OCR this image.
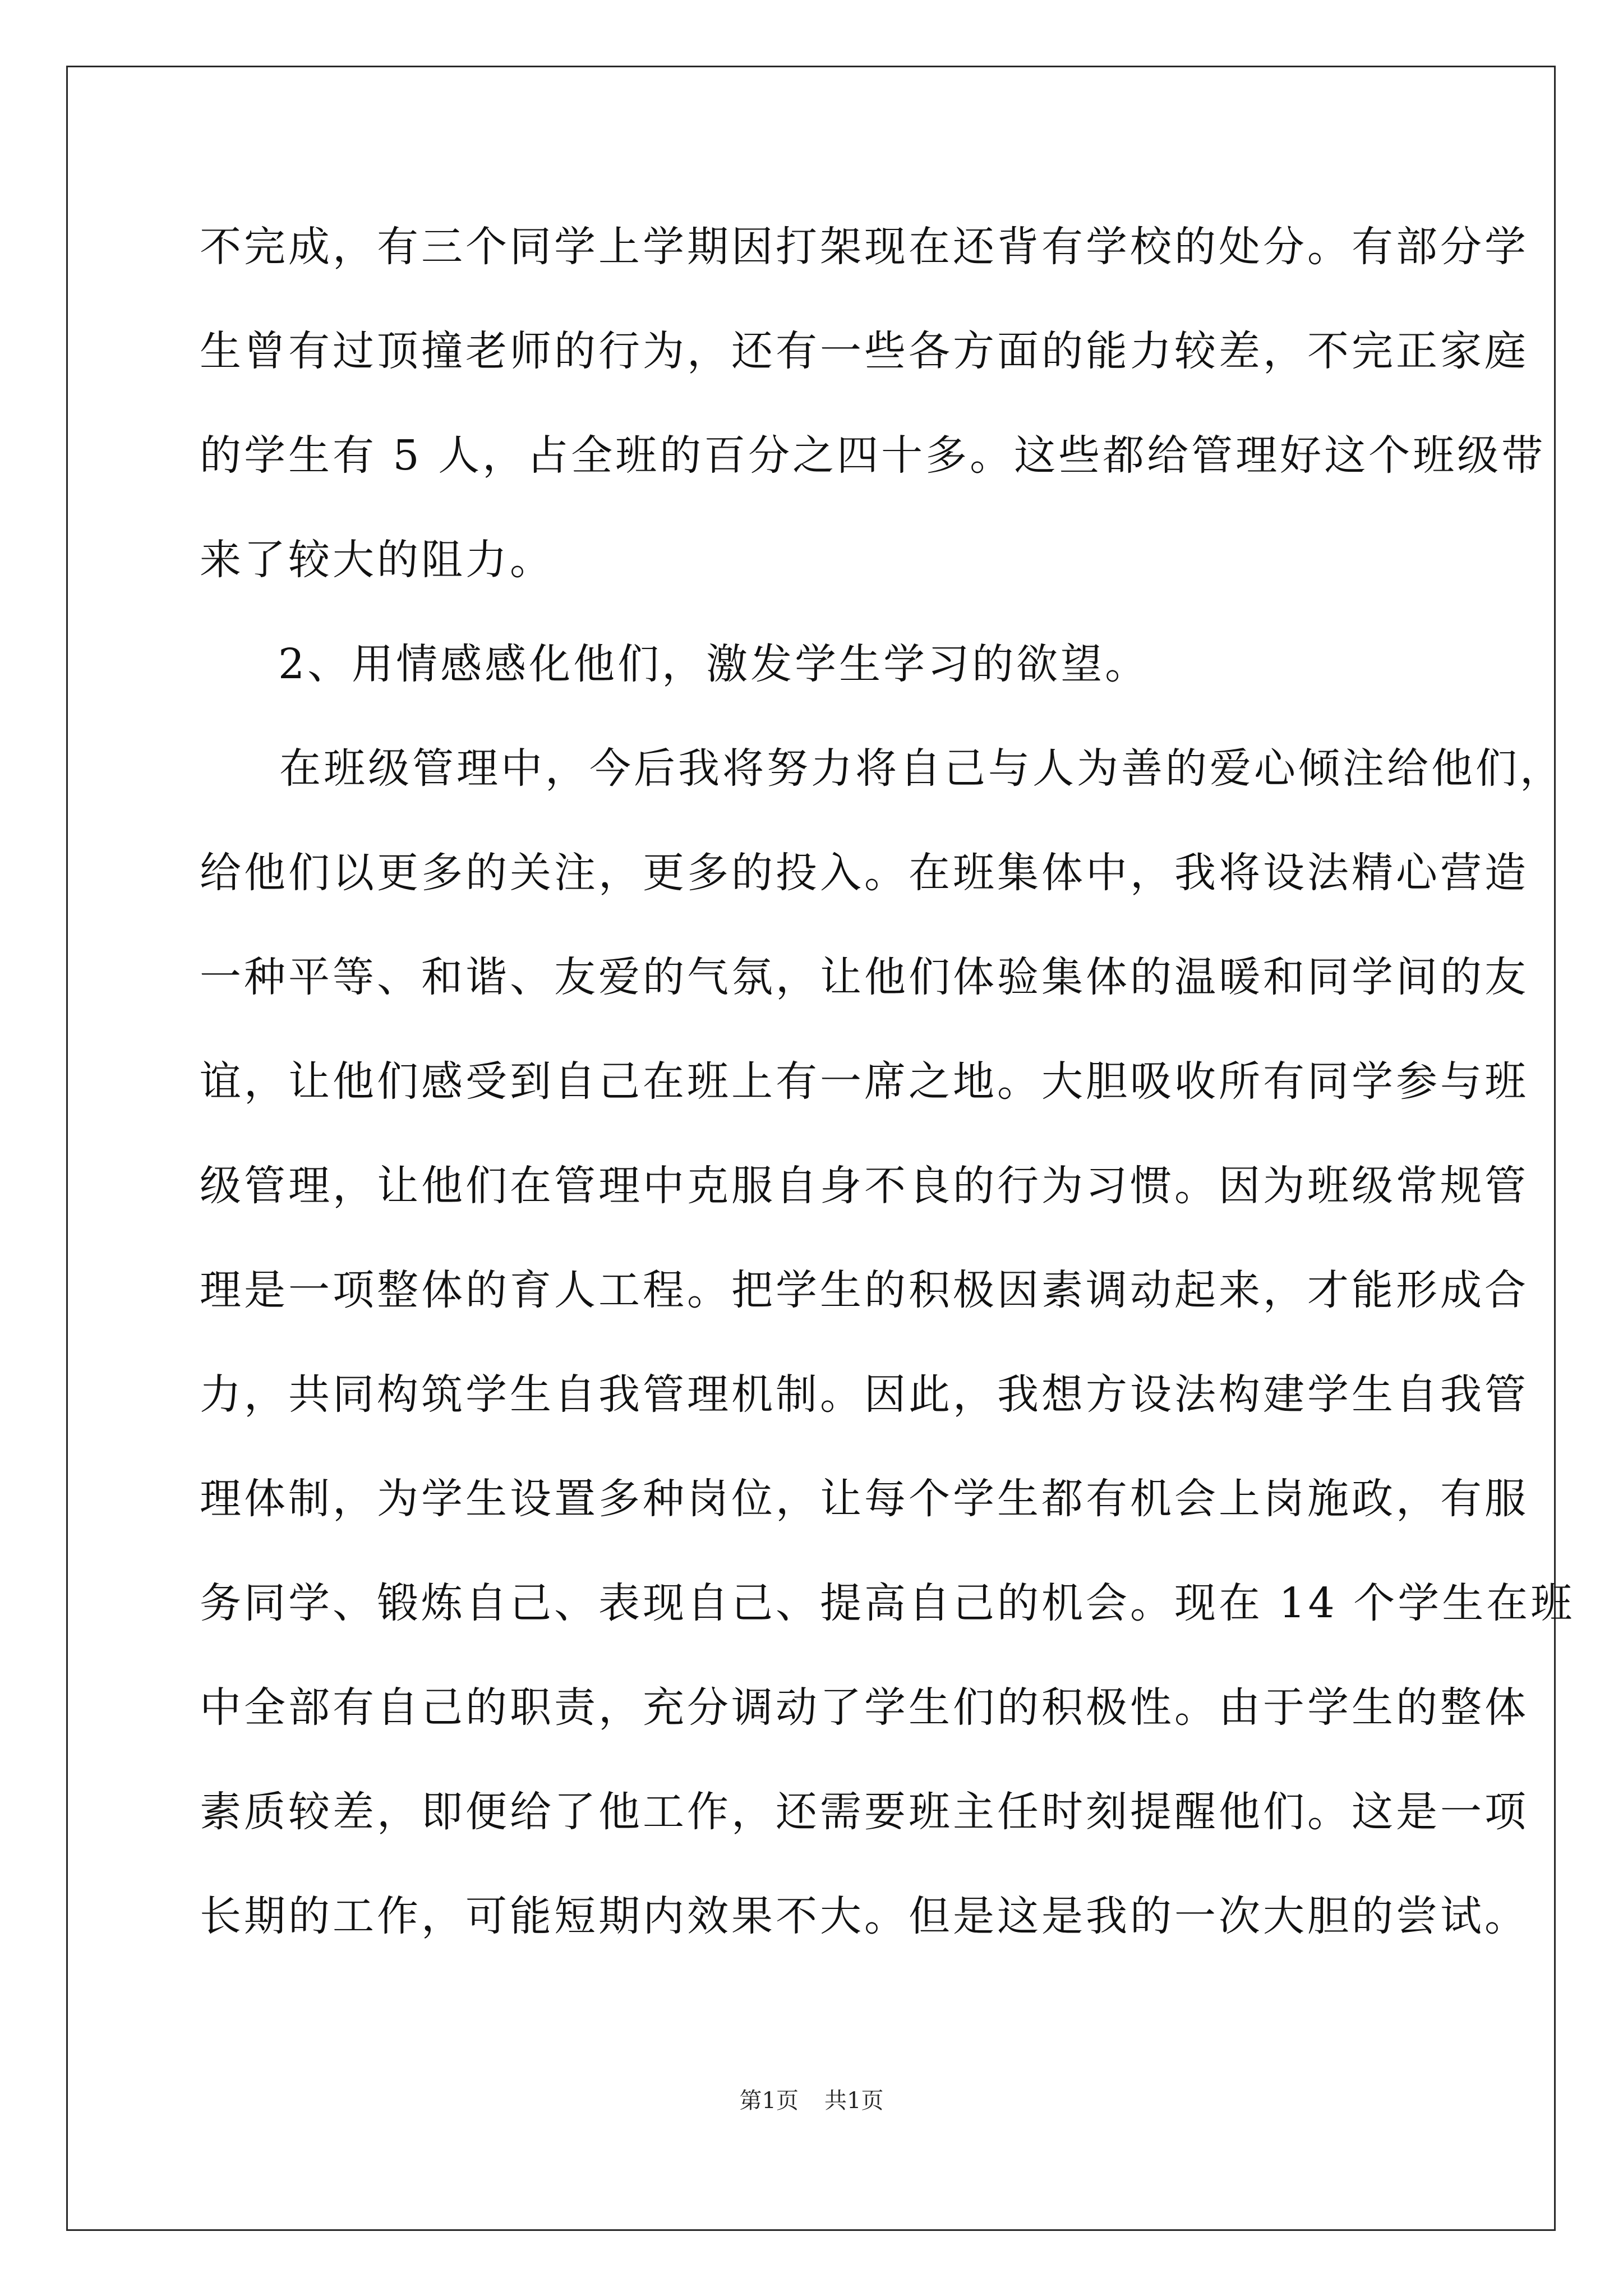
不完成，有三个同学上学期因打架现在还背有学校的处分。有部分学
生曾有过顶撞老师的行为，还有一些各方面的能力较差，不完正家庭
的学生有 5 人，占全班的百分之四十多。这些都给管理好这个班级带
来了较大的阻力。
2、用情感感化他们，激发学生学习的欲望。
在班级管理中，今后我将努力将自己与人为善的爱心倾注给他们，
给他们以更多的关注，更多的投入。在班集体中，我将设法精心营造
一种平等、和谐、友爱的气氛，让他们体验集体的温暖和同学间的友
谊，让他们感受到自己在班上有一席之地。大胆吸收所有同学参与班
级管理，让他们在管理中克服自身不良的行为习惯。因为班级常规管
理是一项整体的育人工程。把学生的积极因素调动起来，才能形成合
力，共同构筑学生自我管理机制。因此，我想方设法构建学生自我管
理体制，为学生设置多种岗位，让每个学生都有机会上岗施政，有服
务同学、锻炼自己、表现自己、提高自己的机会。现在 14 个学生在班
中全部有自己的职责，充分调动了学生们的积极性。由于学生的整体
素质较差，即便给了他工作，还需要班主任时刻提醒他们。这是一项
长期的工作，可能短期内效果不大。但是这是我的一次大胆的尝试。
第1页 共1页
